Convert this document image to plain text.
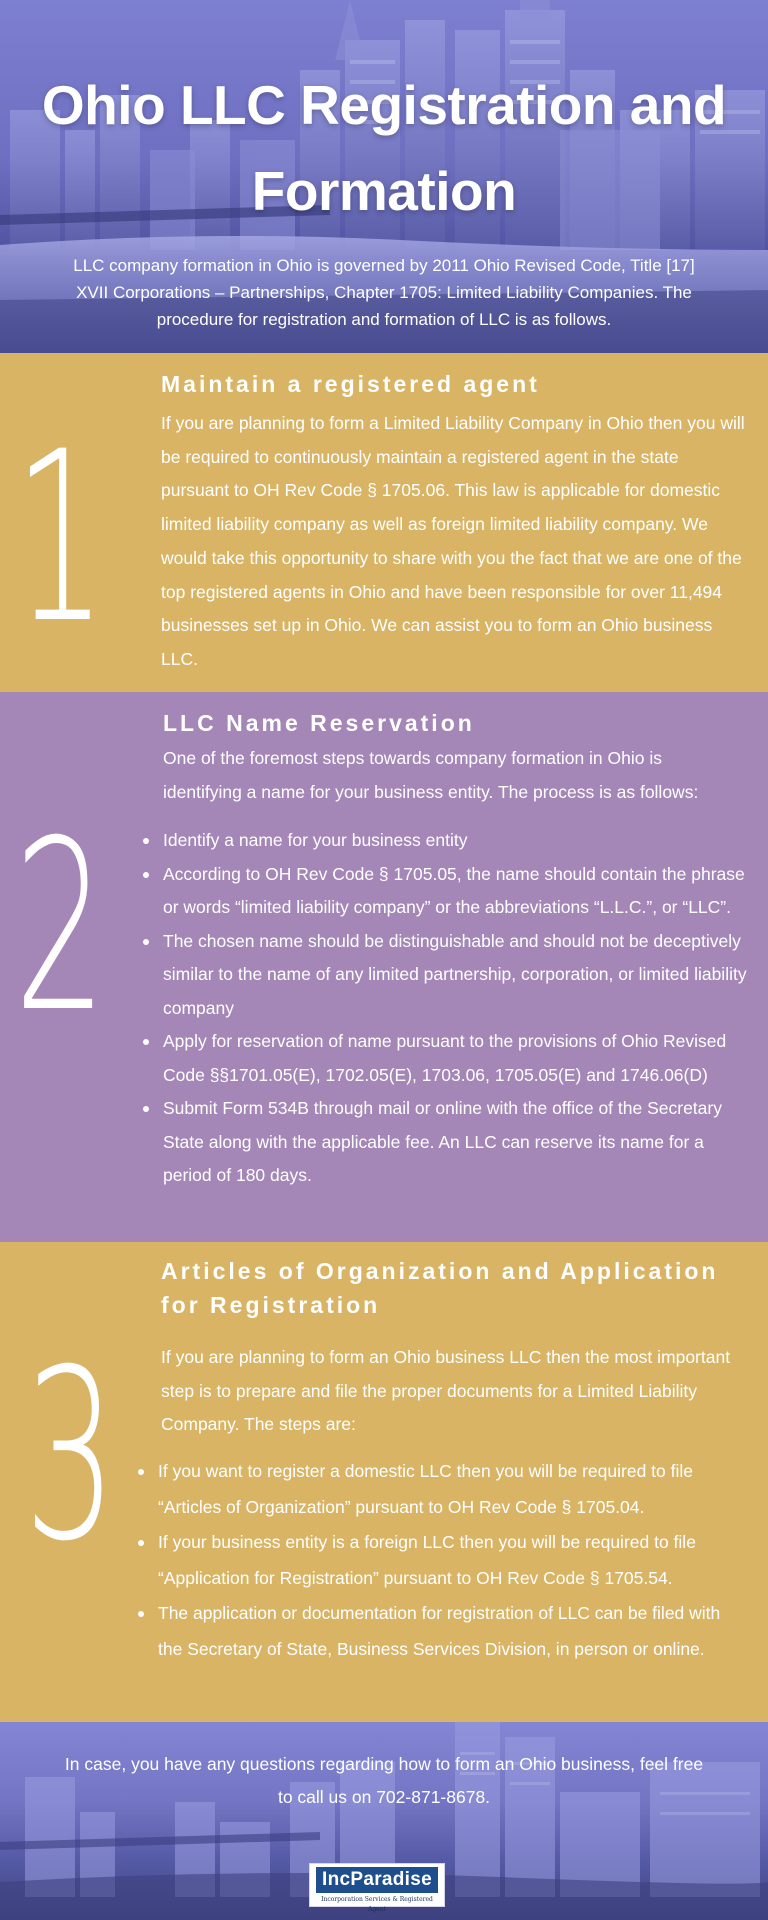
Ohio LLC Registration and Formation

LLC company formation in Ohio is governed by 2011 Ohio Revised Code, Title [17] XVII Corporations – Partnerships, Chapter 1705: Limited Liability Companies. The procedure for registration and formation of LLC is as follows.

1
Maintain a registered agent

If you are planning to form a Limited Liability Company in Ohio then you will be required to continuously maintain a registered agent in the state pursuant to OH Rev Code § 1705.06. This law is applicable for domestic limited liability company as well as foreign limited liability company. We would take this opportunity to share with you the fact that we are one of the top registered agents in Ohio and have been responsible for over 11,494 businesses set up in Ohio. We can assist you to form an Ohio business LLC.

2
LLC Name Reservation

One of the foremost steps towards company formation in Ohio is identifying a name for your business entity. The process is as follows:

Identify a name for your business entity
According to OH Rev Code § 1705.05, the name should contain the phrase or words “limited liability company” or the abbreviations “L.L.C.”, or “LLC”.
The chosen name should be distinguishable and should not be deceptively similar to the name of any limited partnership, corporation, or limited liability company
Apply for reservation of name pursuant to the provisions of Ohio Revised Code §§1701.05(E), 1702.05(E), 1703.06, 1705.05(E) and 1746.06(D)
Submit Form 534B through mail or online with the office of the Secretary State along with the applicable fee. An LLC can reserve its name for a period of 180 days.
3
Articles of Organization and Application for Registration

If you are planning to form an Ohio business LLC then the most important step is to prepare and file the proper documents for a Limited Liability Company. The steps are:

If you want to register a domestic LLC then you will be required to file “Articles of Organization” pursuant to OH Rev Code § 1705.04.
If your business entity is a foreign LLC then you will be required to file “Application for Registration” pursuant to OH Rev Code § 1705.54.
The application or documentation for registration of LLC can be filed with the Secretary of State, Business Services Division, in person or online.

In case, you have any questions regarding how to form an Ohio business, feel free to call us on 702-871-8678.

IncParadise
Incorporation Services & Registered Agent
